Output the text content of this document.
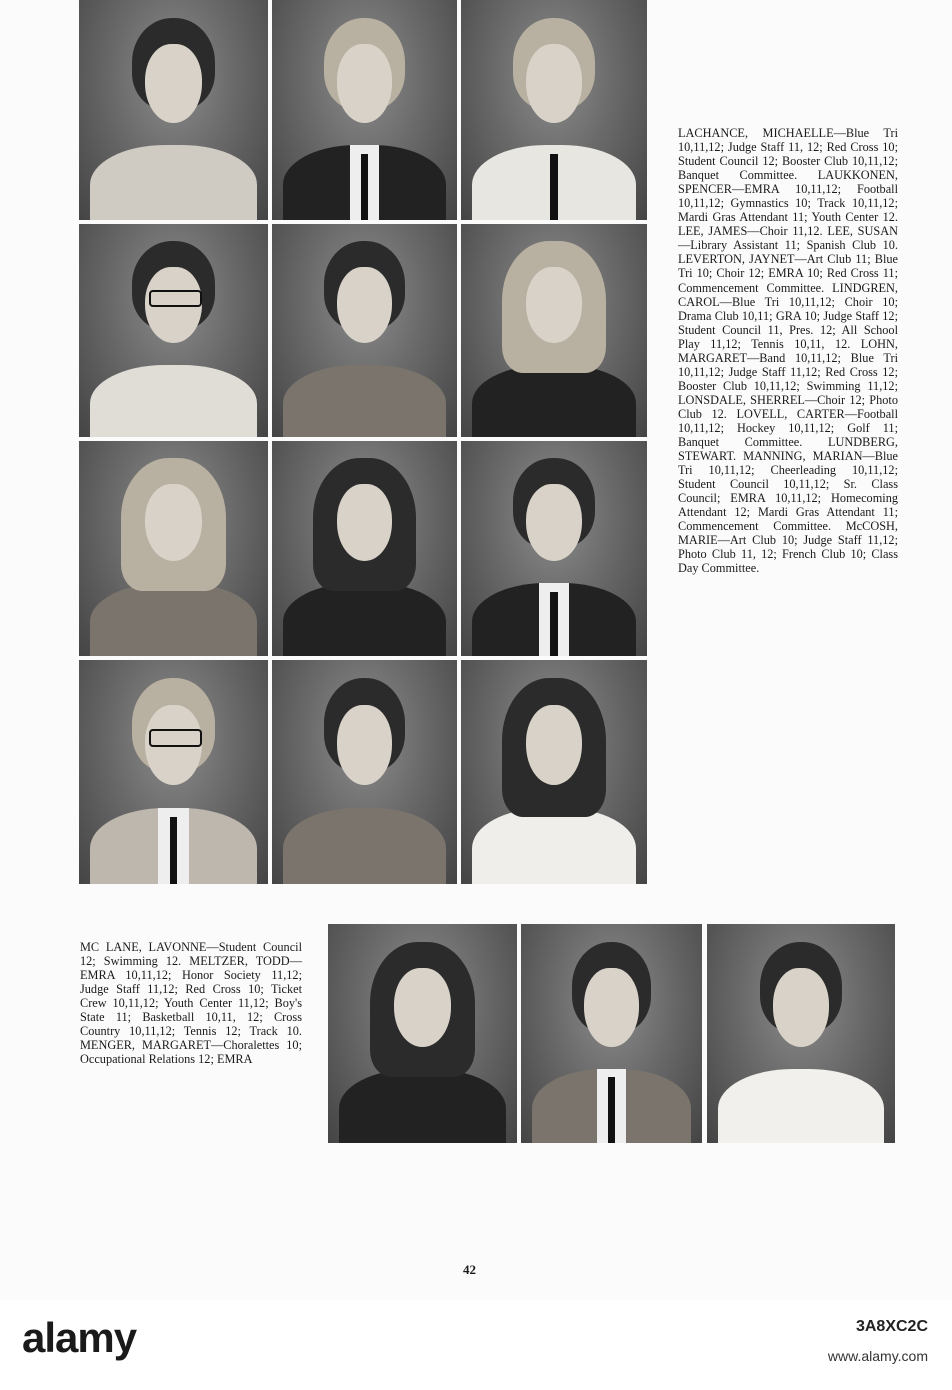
LACHANCE, MICHAELLE—Blue Tri 10,11,12; Judge Staff 11, 12; Red Cross 10; Student Council 12; Booster Club 10,11,12; Banquet Committee. LAUKKONEN, SPENCER—EMRA 10,11,12; Football 10,11,12; Gymnastics 10; Track 10,11,12; Mardi Gras Attendant 11; Youth Center 12. LEE, JAMES—Choir 11,12. LEE, SUSAN—Library Assistant 11; Spanish Club 10. LEVERTON, JAYNET—Art Club 11; Blue Tri 10; Choir 12; EMRA 10; Red Cross 11; Commencement Committee. LINDGREN, CAROL—Blue Tri 10,11,12; Choir 10; Drama Club 10,11; GRA 10; Judge Staff 12; Student Council 11, Pres. 12; All School Play 11,12; Tennis 10,11, 12. LOHN, MARGARET—Band 10,11,12; Blue Tri 10,11,12; Judge Staff 11,12; Red Cross 12; Booster Club 10,11,12; Swimming 11,12; LONSDALE, SHERREL—Choir 12; Photo Club 12. LOVELL, CARTER—Football 10,11,12; Hockey 10,11,12; Golf 11; Banquet Committee. LUNDBERG, STEWART. MANNING, MARIAN—Blue Tri 10,11,12; Cheerleading 10,11,12; Student Council 10,11,12; Sr. Class Council; EMRA 10,11,12; Homecoming Attendant 12; Mardi Gras Attendant 11; Commencement Committee. McCOSH, MARIE—Art Club 10; Judge Staff 11,12; Photo Club 11, 12; French Club 10; Class Day Committee.

MC LANE, LAVONNE—Student Council 12; Swimming 12. MELTZER, TODD—EMRA 10,11,12; Honor Society 11,12; Judge Staff 11,12; Red Cross 10; Ticket Crew 10,11,12; Youth Center 11,12; Boy's State 11; Basketball 10,11, 12; Cross Country 10,11,12; Tennis 12; Track 10. MENGER, MARGARET—Choralettes 10; Occupational Relations 12; EMRA

42
alamy	3A8XC2C
www.alamy.com
